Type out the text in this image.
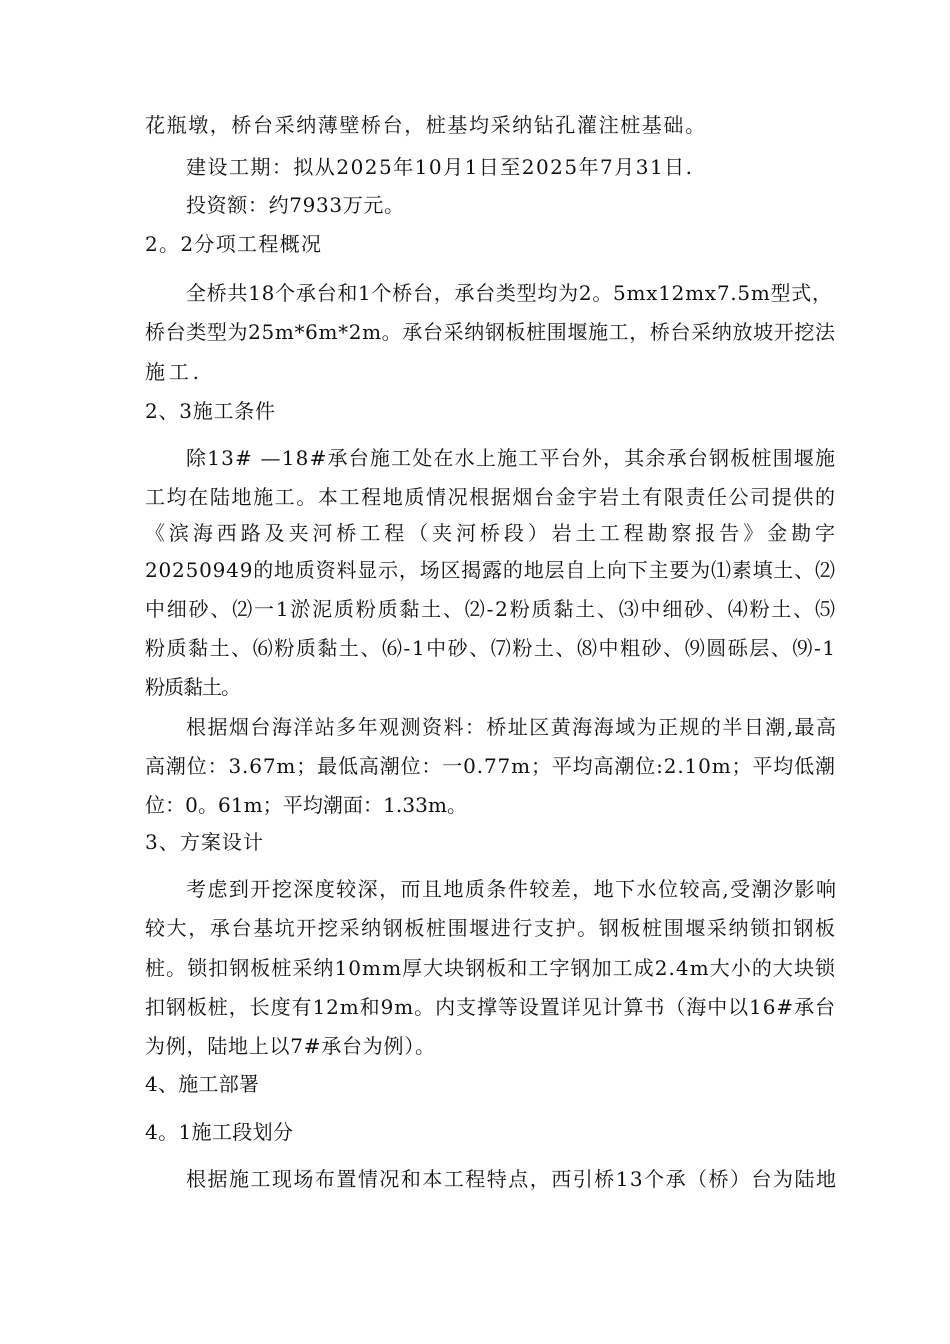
花瓶墩，桥台采纳薄壁桥台，桩基均采纳钻孔灌注桩基础。
建设工期：拟从2025年10月1日至2025年7月31日.
投资额：约7933万元。
2。2分项工程概况
全桥共18个承台和1个桥台，承台类型均为2。5mx12mx7.5m型式，
桥台类型为25m*6m*2m。承台采纳钢板桩围堰施工，桥台采纳放坡开挖法
施工.
2、3施工条件
除13# —18#承台施工处在水上施工平台外，其余承台钢板桩围堰施
工均在陆地施工。本工程地质情况根据烟台金宇岩土有限责任公司提供的
《滨海西路及夹河桥工程（夹河桥段）岩土工程勘察报告》金勘字
20250949的地质资料显示，场区揭露的地层自上向下主要为⑴素填土、⑵
中细砂、⑵一1淤泥质粉质黏土、⑵-2粉质黏土、⑶中细砂、⑷粉土、⑸
粉质黏土、⑹粉质黏土、⑹-1中砂、⑺粉土、⑻中粗砂、⑼圆砾层、⑼-1
粉质黏土。
根据烟台海洋站多年观测资料：桥址区黄海海域为正规的半日潮,最高
高潮位：3.67m；最低高潮位：一0.77m；平均高潮位:2.10m；平均低潮
位：0。61m；平均潮面：1.33m。
3、方案设计
考虑到开挖深度较深，而且地质条件较差，地下水位较高,受潮汐影响
较大，承台基坑开挖采纳钢板桩围堰进行支护。钢板桩围堰采纳锁扣钢板
桩。锁扣钢板桩采纳10mm厚大块钢板和工字钢加工成2.4m大小的大块锁
扣钢板桩，长度有12m和9m。内支撑等设置详见计算书（海中以16#承台
为例，陆地上以7#承台为例）。
4、施工部署
4。1施工段划分
根据施工现场布置情况和本工程特点，西引桥13个承（桥）台为陆地
